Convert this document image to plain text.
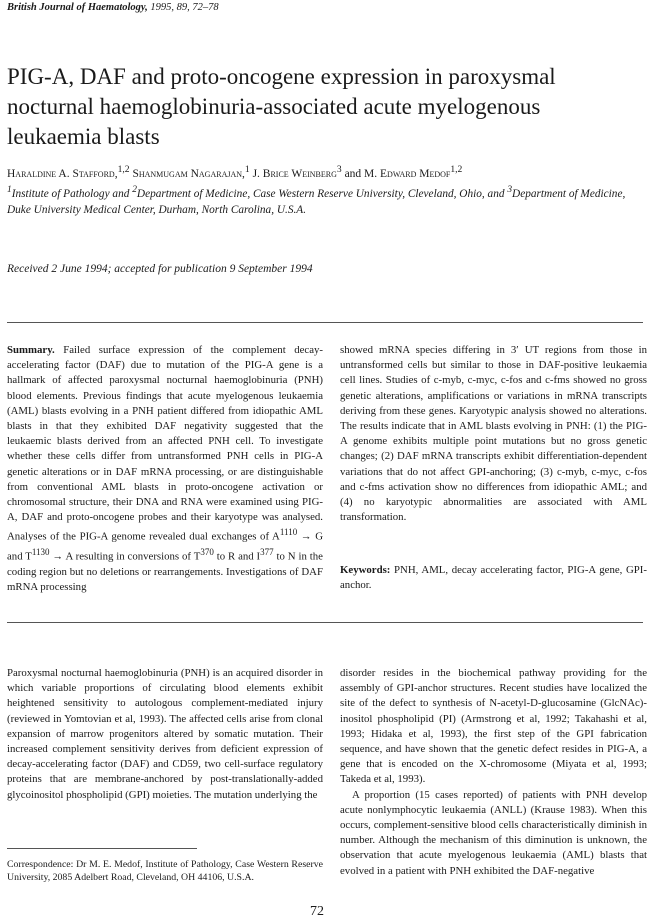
British Journal of Haematology, 1995, 89, 72–78
PIG-A, DAF and proto-oncogene expression in paroxysmal nocturnal haemoglobinuria-associated acute myelogenous leukaemia blasts
Haraldine A. Stafford,$^{1,2}$ Shanmugam Nagarajan,$^1$ J. Brice Weinberg$^3$ and M. Edward Medof$^{1,2}$
$^1$Institute of Pathology and $^2$Department of Medicine, Case Western Reserve University, Cleveland, Ohio, and $^3$Department of Medicine, Duke University Medical Center, Durham, North Carolina, U.S.A.
Received 2 June 1994; accepted for publication 9 September 1994
Summary. Failed surface expression of the complement decay-accelerating factor (DAF) due to mutation of the PIG-A gene is a hallmark of affected paroxysmal nocturnal haemoglobinuria (PNH) blood elements. Previous findings that acute myelogenous leukaemia (AML) blasts evolving in a PNH patient differed from idiopathic AML blasts in that they exhibited DAF negativity suggested that the leukaemic blasts derived from an affected PNH cell. To investigate whether these cells differ from untransformed PNH cells in PIG-A genetic alterations or in DAF mRNA processing, or are distinguishable from conventional AML blasts in proto-oncogene activation or chromosomal structure, their DNA and RNA were examined using PIG-A, DAF and proto-oncogene probes and their karyotype was analysed. Analyses of the PIG-A genome revealed dual exchanges of $A^{1110} \to G$ and $T^{1130} \to A$ resulting in conversions of $T^{370}$ to R and $I^{377}$ to N in the coding region but no deletions or rearrangements. Investigations of DAF mRNA processing
showed mRNA species differing in 3′ UT regions from those in untransformed cells but similar to those in DAF-positive leukaemia cell lines. Studies of c-myb, c-myc, c-fos and c-fms showed no gross genetic alterations, amplifications or variations in mRNA transcripts deriving from these genes. Karyotypic analysis showed no alterations. The results indicate that in AML blasts evolving in PNH: (1) the PIG-A genome exhibits multiple point mutations but no gross genetic changes; (2) DAF mRNA transcripts exhibit differentiation-dependent variations that do not affect GPI-anchoring; (3) c-myb, c-myc, c-fos and c-fms activation show no differences from idiopathic AML; and (4) no karyotypic abnormalities are associated with AML transformation.
Keywords: PNH, AML, decay accelerating factor, PIG-A gene, GPI-anchor.
Paroxysmal nocturnal haemoglobinuria (PNH) is an acquired disorder in which variable proportions of circulating blood elements exhibit heightened sensitivity to autologous complement-mediated injury (reviewed in Yomtovian et al, 1993). The affected cells arise from clonal expansion of marrow progenitors altered by somatic mutation. Their increased complement sensitivity derives from deficient expression of decay-accelerating factor (DAF) and CD59, two cell-surface regulatory proteins that are membrane-anchored by post-translationally-added glycoinositol phospholipid (GPI) moieties. The mutation underlying the

disorder resides in the biochemical pathway providing for the assembly of GPI-anchor structures. Recent studies have localized the site of the defect to synthesis of N-acetyl-D-glucosamine (GlcNAc)-inositol phospholipid (PI) (Armstrong et al, 1992; Takahashi et al, 1993; Hidaka et al, 1993), the first step of the GPI fabrication sequence, and have shown that the genetic defect resides in PIG-A, a gene that is encoded on the X-chromosome (Miyata et al, 1993; Takeda et al, 1993).

A proportion (15 cases reported) of patients with PNH develop acute nonlymphocytic leukaemia (ANLL) (Krause 1983). When this occurs, complement-sensitive blood cells characteristically diminish in number. Although the mechanism of this diminution is unknown, the observation that acute myelogenous leukaemia (AML) blasts that evolved in a patient with PNH exhibited the DAF-negative

Correspondence: Dr M. E. Medof, Institute of Pathology, Case Western Reserve University, 2085 Adelbert Road, Cleveland, OH 44106, U.S.A.
72
